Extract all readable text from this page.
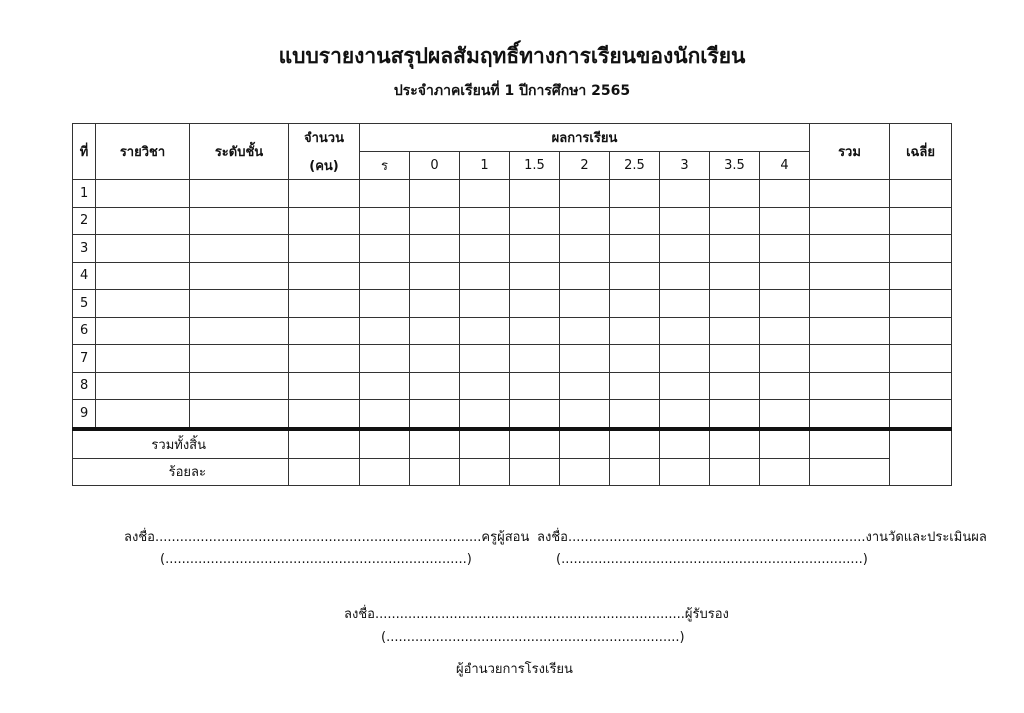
แบบรายงานสรุปผลสัมฤทธิ์ทางการเรียนของนักเรียน
ประจำภาคเรียนที่ 1 ปีการศึกษา 2565
ที่	รายวิชา	ระดับชั้น	จำนวน	ผลการเรียน									รวม	เฉลี่ย
			(คน)	ร	0	1	1.5	2	2.5	3	3.5	4		
1														
2														
3														
4														
5														
6														
7														
8														
9														
รวมทั้งสิ้น														
ร้อยละ														
ลงชื่อ...............................................................................ครูผู้สอน
(.........................................................................)
ลงชื่อ........................................................................งานวัดและประเมินผล
(.........................................................................)
ลงชื่อ...........................................................................ผู้รับรอง
(.......................................................................)
ผู้อำนวยการโรงเรียน
